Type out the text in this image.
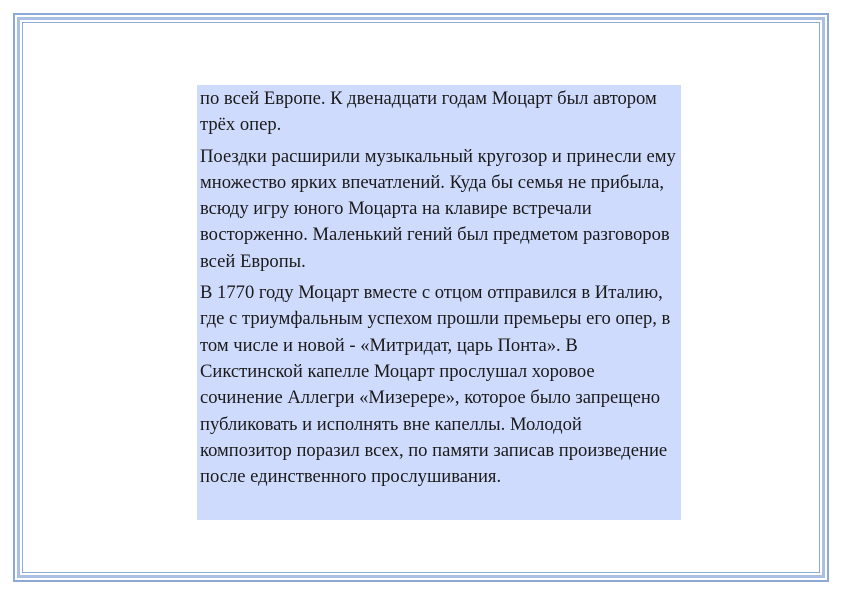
по всей Европе. К двенадцати годам Моцарт был автором трёх опер.

Поездки расширили музыкальный кругозор и принесли ему множество ярких впечатлений. Куда бы семья не прибыла, всюду игру юного Моцарта на клавире встречали восторженно. Маленький гений был предметом разговоров всей Европы.

В 1770 году Моцарт вместе с отцом отправился в Италию, где с триумфальным успехом прошли премьеры его опер, в том числе и новой - «Митридат, царь Понта». В Сикстинской капелле Моцарт прослушал хоровое сочинение Аллегри «Мизерере», которое было запрещено публиковать и исполнять вне капеллы. Молодой композитор поразил всех, по памяти записав произведение после единственного прослушивания.
